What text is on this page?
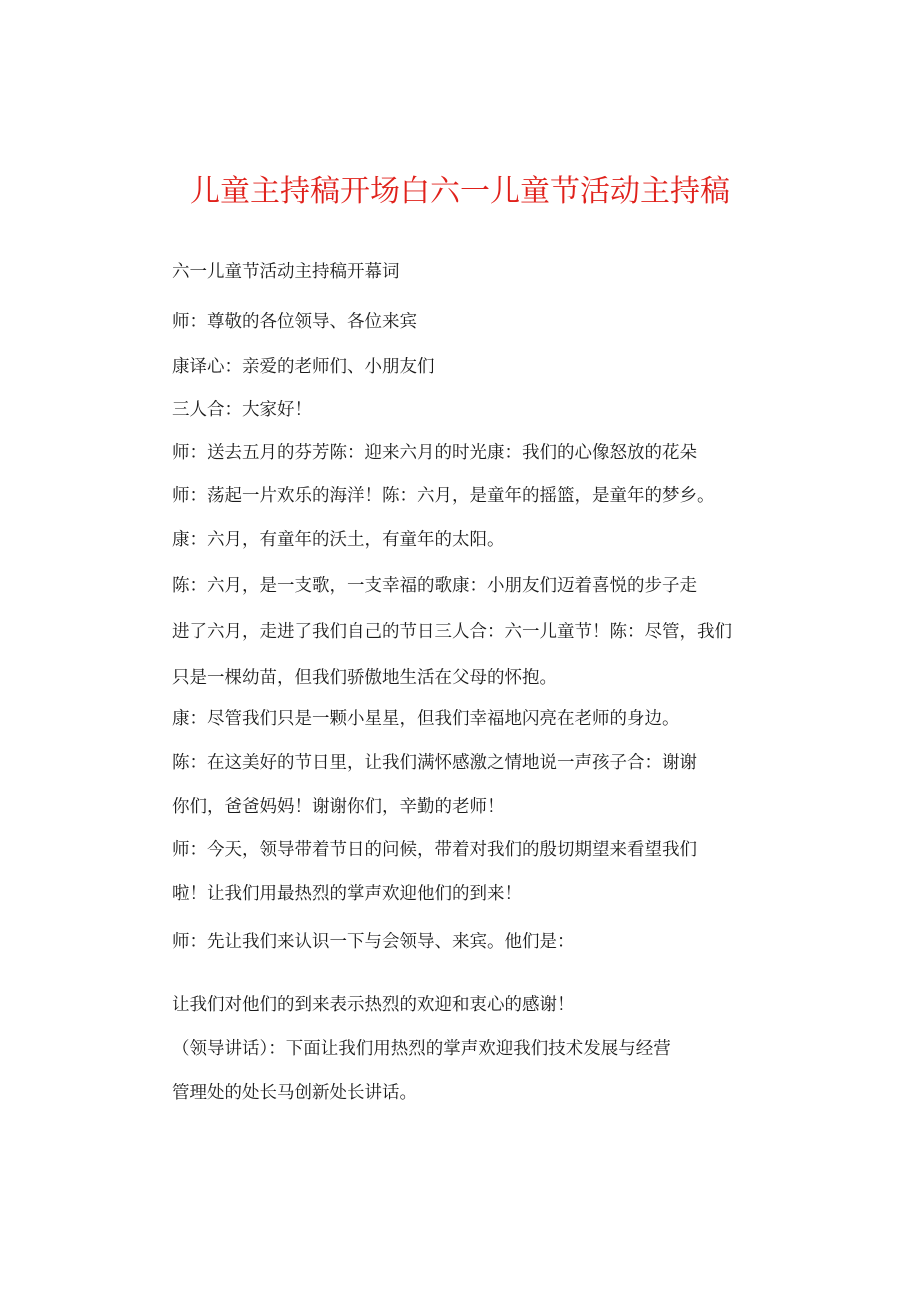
儿童主持稿开场白六一儿童节活动主持稿
六一儿童节活动主持稿开幕词
师：尊敬的各位领导、各位来宾
康译心：亲爱的老师们、小朋友们
三人合：大家好！
师：送去五月的芬芳陈：迎来六月的时光康：我们的心像怒放的花朵
师：荡起一片欢乐的海洋！陈：六月，是童年的摇篮，是童年的梦乡。
康：六月，有童年的沃土，有童年的太阳。
陈：六月，是一支歌，一支幸福的歌康：小朋友们迈着喜悦的步子走
进了六月，走进了我们自己的节日三人合：六一儿童节！陈：尽管，我们
只是一棵幼苗，但我们骄傲地生活在父母的怀抱。
康：尽管我们只是一颗小星星，但我们幸福地闪亮在老师的身边。
陈：在这美好的节日里，让我们满怀感激之情地说一声孩子合：谢谢
你们，爸爸妈妈！谢谢你们，辛勤的老师！
师：今天，领导带着节日的问候，带着对我们的殷切期望来看望我们
啦！让我们用最热烈的掌声欢迎他们的到来！
师：先让我们来认识一下与会领导、来宾。他们是：
让我们对他们的到来表示热烈的欢迎和衷心的感谢！
（领导讲话）：下面让我们用热烈的掌声欢迎我们技术发展与经营
管理处的处长马创新处长讲话。
